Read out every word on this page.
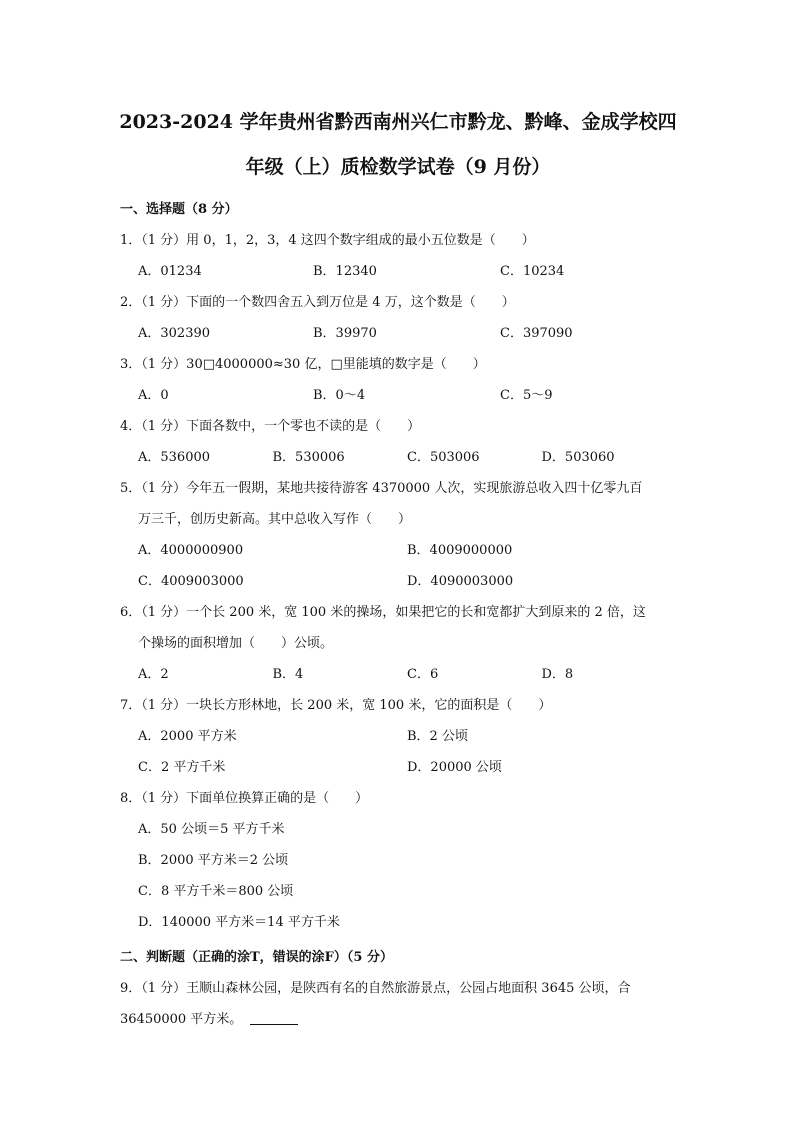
2023-2024 学年贵州省黔西南州兴仁市黔龙、黔峰、金成学校四
年级（上）质检数学试卷（9 月份）
一、选择题（8 分）
1．（1 分）用 0，1，2，3，4 这四个数字组成的最小五位数是（　　）
A．01234	B．12340	C．10234
2．（1 分）下面的一个数四舍五入到万位是 4 万，这个数是（　　）
A．302390	B．39970	C．397090
3．（1 分）30□4000000≈30 亿，□里能填的数字是（　　）
A．0	B．0～4	C．5～9
4．（1 分）下面各数中，一个零也不读的是（　　）
A．536000	B．530006	C．503006	D．503060
5．（1 分）今年五一假期，某地共接待游客 4370000 人次，实现旅游总收入四十亿零九百
万三千，创历史新高。其中总收入写作（　　）
A．4000000900	B．4009000000
C．4009003000	D．4090003000
6．（1 分）一个长 200 米，宽 100 米的操场，如果把它的长和宽都扩大到原来的 2 倍，这
个操场的面积增加（　　）公顷。
A．2	B．4	C．6	D．8
7．（1 分）一块长方形林地，长 200 米，宽 100 米，它的面积是（　　）
A．2000 平方米	B．2 公顷
C．2 平方千米	D．20000 公顷
8．（1 分）下面单位换算正确的是（　　）
A．50 公顷＝5 平方千米
B．2000 平方米＝2 公顷
C．8 平方千米＝800 公顷
D．140000 平方米＝14 平方千米
二、判断题（正确的涂T，错误的涂F）（5 分）
9．（1 分）王顺山森林公园，是陕西有名的自然旅游景点，公园占地面积 3645 公顷，合
36450000 平方米。
